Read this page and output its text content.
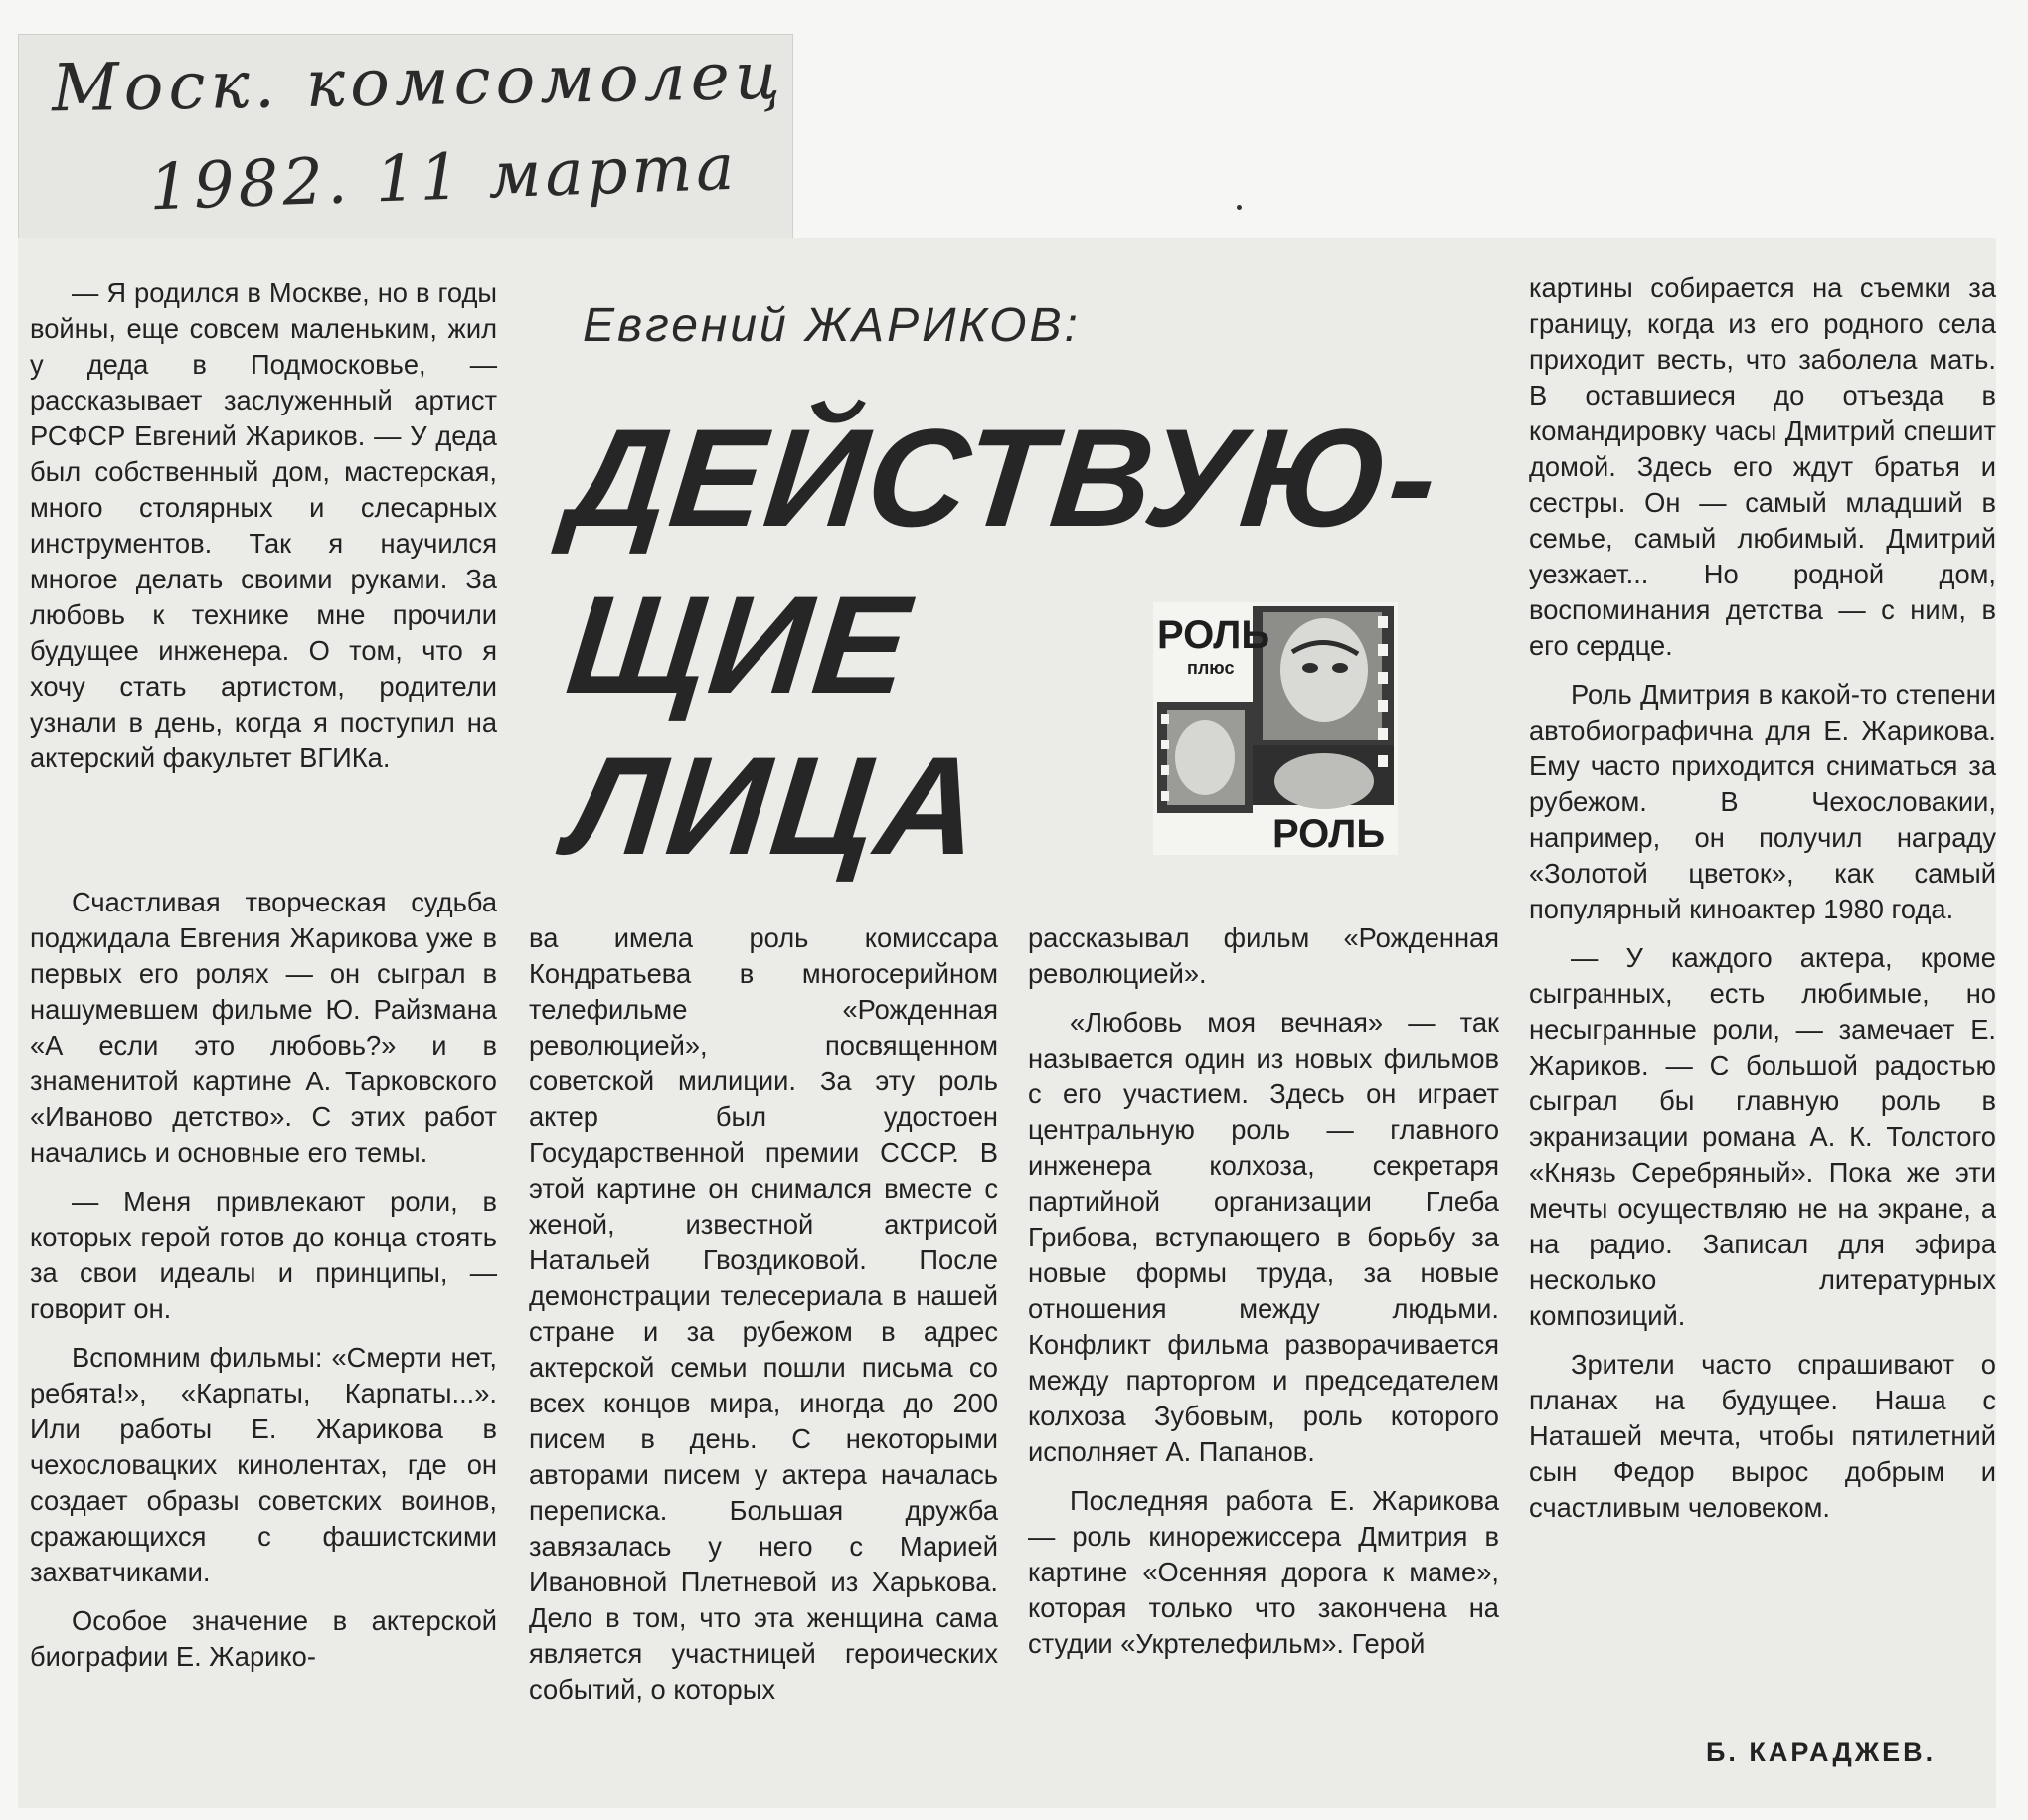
Моск. комсомолец
1982. 11 марта
Евгений ЖАРИКОВ:
ДЕЙСТВУЮ-
ЩИЕ
ЛИЦА
РОЛЬ
плюс
РОЛЬ

— Я родился в Москве, но в годы войны, еще совсем маленьким, жил у деда в Подмосковье, — рассказывает заслуженный артист РСФСР Евгений Жариков. — У деда был собственный дом, мастерская, много столярных и слесарных инструментов. Так я научился многое делать своими руками. За любовь к технике мне прочили будущее инженера. О том, что я хочу стать артистом, родители узнали в день, когда я поступил на актерский факультет ВГИКа.

Счастливая творческая судьба поджидала Евгения Жарикова уже в первых его ролях — он сыграл в нашумевшем фильме Ю. Райзмана «А если это любовь?» и в знаменитой картине А. Тарковского «Иваново детство». С этих работ начались и основные его темы.

— Меня привлекают роли, в которых герой готов до конца стоять за свои идеалы и принципы, — говорит он.

Вспомним фильмы: «Смерти нет, ребята!», «Карпаты, Карпаты...». Или работы Е. Жарикова в чехословацких кинолентах, где он создает образы советских воинов, сражающихся с фашистскими захватчиками.

Особое значение в актерской биографии Е. Жарико-

ва имела роль комиссара Кондратьева в многосерийном телефильме «Рожденная революцией», посвященном советской милиции. За эту роль актер был удостоен Государственной премии СССР. В этой картине он снимался вместе с женой, известной актрисой Натальей Гвоздиковой. После демонстрации телесериала в нашей стране и за рубежом в адрес актерской семьи пошли письма со всех концов мира, иногда до 200 писем в день. С некоторыми авторами писем у актера началась переписка. Большая дружба завязалась у него с Марией Ивановной Плетневой из Харькова. Дело в том, что эта женщина сама является участницей героических событий, о которых

рассказывал фильм «Рожденная революцией».

«Любовь моя вечная» — так называется один из новых фильмов с его участием. Здесь он играет центральную роль — главного инженера колхоза, секретаря партийной организации Глеба Грибова, вступающего в борьбу за новые формы труда, за новые отношения между людьми. Конфликт фильма разворачивается между парторгом и председателем колхоза Зубовым, роль которого исполняет А. Папанов.

Последняя работа Е. Жарикова — роль кинорежиссера Дмитрия в картине «Осенняя дорога к маме», которая только что закончена на студии «Укртелефильм». Герой

картины собирается на съемки за границу, когда из его родного села приходит весть, что заболела мать. В оставшиеся до отъезда в командировку часы Дмитрий спешит домой. Здесь его ждут братья и сестры. Он — самый младший в семье, самый любимый. Дмитрий уезжает... Но родной дом, воспоминания детства — с ним, в его сердце.

Роль Дмитрия в какой-то степени автобиографична для Е. Жарикова. Ему часто приходится сниматься за рубежом. В Чехословакии, например, он получил награду «Золотой цветок», как самый популярный киноактер 1980 года.

— У каждого актера, кроме сыгранных, есть любимые, но несыгранные роли, — замечает Е. Жариков. — С большой радостью сыграл бы главную роль в экранизации романа А. К. Толстого «Князь Серебряный». Пока же эти мечты осуществляю не на экране, а на радио. Записал для эфира несколько литературных композиций.

Зрители часто спрашивают о планах на будущее. Наша с Наташей мечта, чтобы пятилетний сын Федор вырос добрым и счастливым человеком.

Б. КАРАДЖЕВ.
